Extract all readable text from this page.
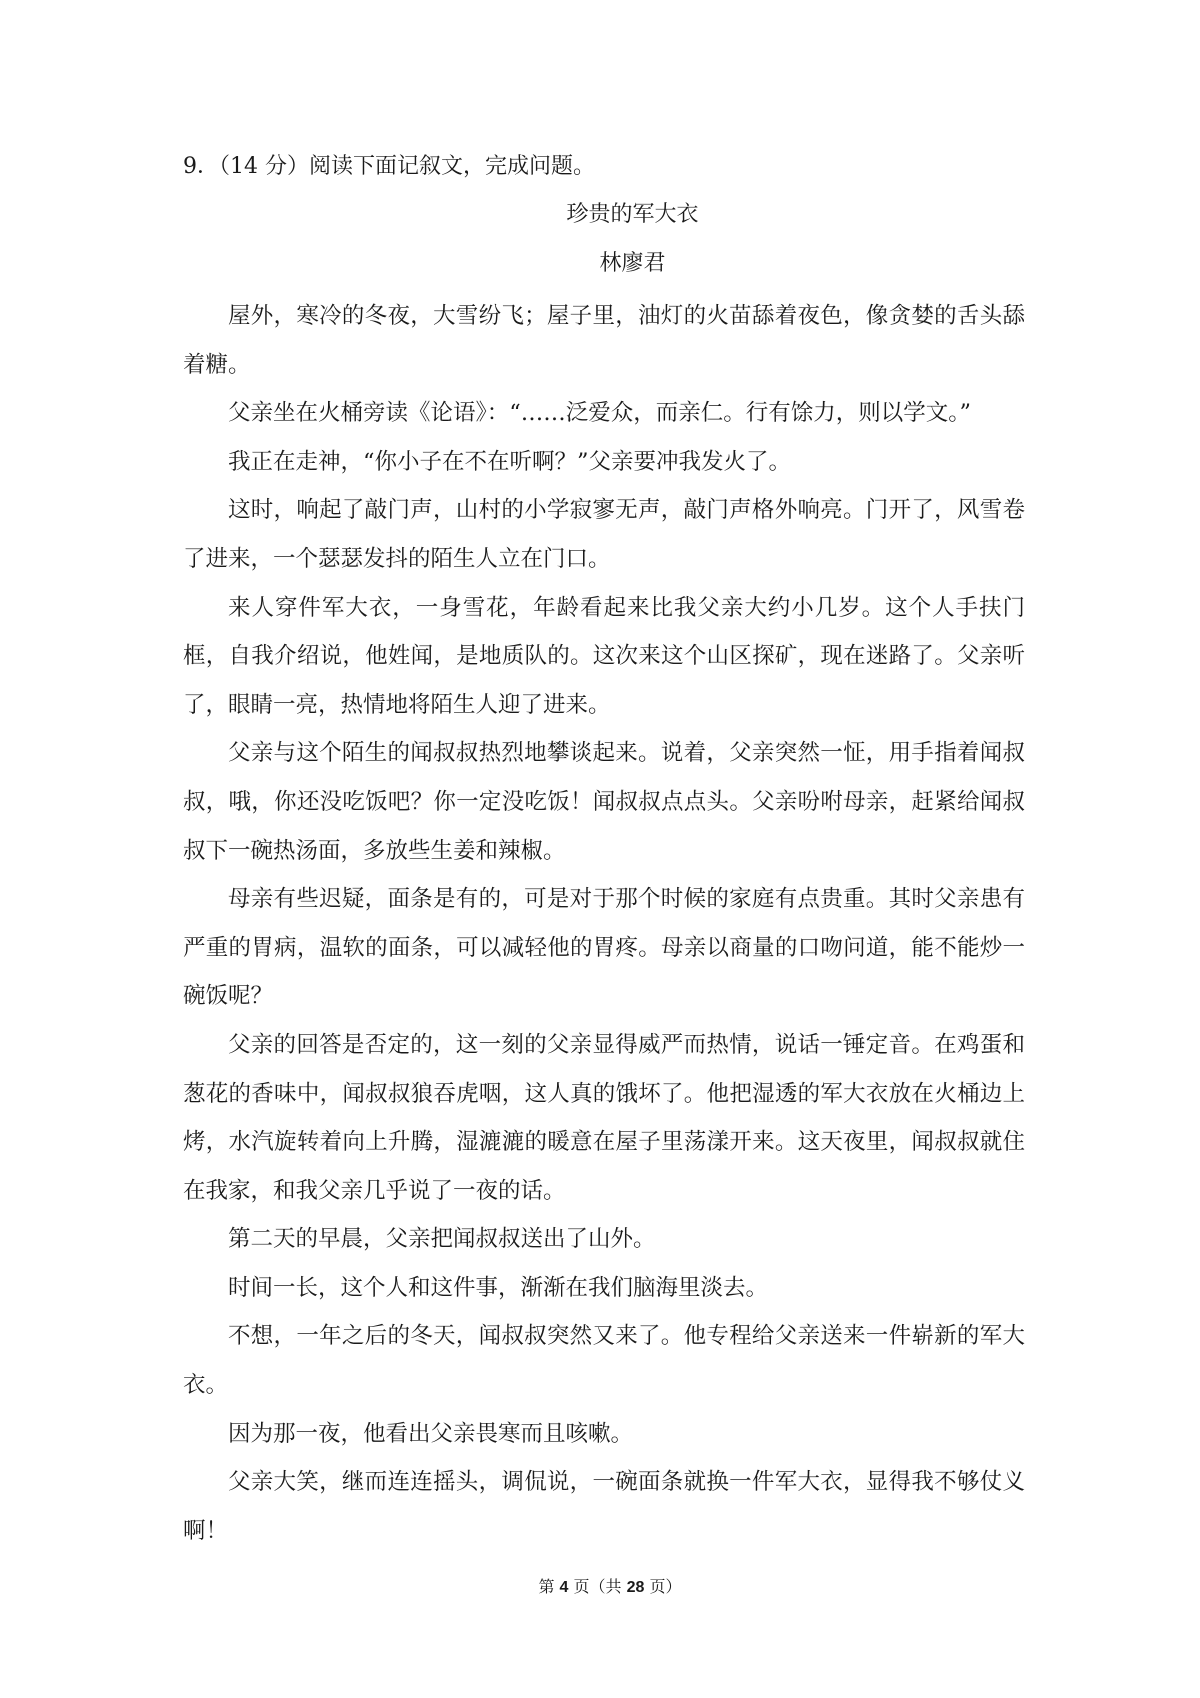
9．（14 分）阅读下面记叙文，完成问题。
珍贵的军大衣
林廖君

屋外，寒冷的冬夜，大雪纷飞；屋子里，油灯的火苗舔着夜色，像贪婪的舌头舔着糖。

父亲坐在火桶旁读《论语》：“……泛爱众，而亲仁。行有馀力，则以学文。”

我正在走神，“你小子在不在听啊？”父亲要冲我发火了。

这时，响起了敲门声，山村的小学寂寥无声，敲门声格外响亮。门开了，风雪卷了进来，一个瑟瑟发抖的陌生人立在门口。

来人穿件军大衣，一身雪花，年龄看起来比我父亲大约小几岁。这个人手扶门框，自我介绍说，他姓闻，是地质队的。这次来这个山区探矿，现在迷路了。父亲听了，眼睛一亮，热情地将陌生人迎了进来。

父亲与这个陌生的闻叔叔热烈地攀谈起来。说着，父亲突然一怔，用手指着闻叔叔，哦，你还没吃饭吧？你一定没吃饭！闻叔叔点点头。父亲吩咐母亲，赶紧给闻叔叔下一碗热汤面，多放些生姜和辣椒。

母亲有些迟疑，面条是有的，可是对于那个时候的家庭有点贵重。其时父亲患有严重的胃病，温软的面条，可以减轻他的胃疼。母亲以商量的口吻问道，能不能炒一碗饭呢？

父亲的回答是否定的，这一刻的父亲显得威严而热情，说话一锤定音。在鸡蛋和葱花的香味中，闻叔叔狼吞虎咽，这人真的饿坏了。他把湿透的军大衣放在火桶边上烤，水汽旋转着向上升腾，湿漉漉的暖意在屋子里荡漾开来。这天夜里，闻叔叔就住在我家，和我父亲几乎说了一夜的话。

第二天的早晨，父亲把闻叔叔送出了山外。

时间一长，这个人和这件事，渐渐在我们脑海里淡去。

不想，一年之后的冬天，闻叔叔突然又来了。他专程给父亲送来一件崭新的军大衣。

因为那一夜，他看出父亲畏寒而且咳嗽。

父亲大笑，继而连连摇头，调侃说，一碗面条就换一件军大衣，显得我不够仗义啊！

第 4 页（共 28 页）
